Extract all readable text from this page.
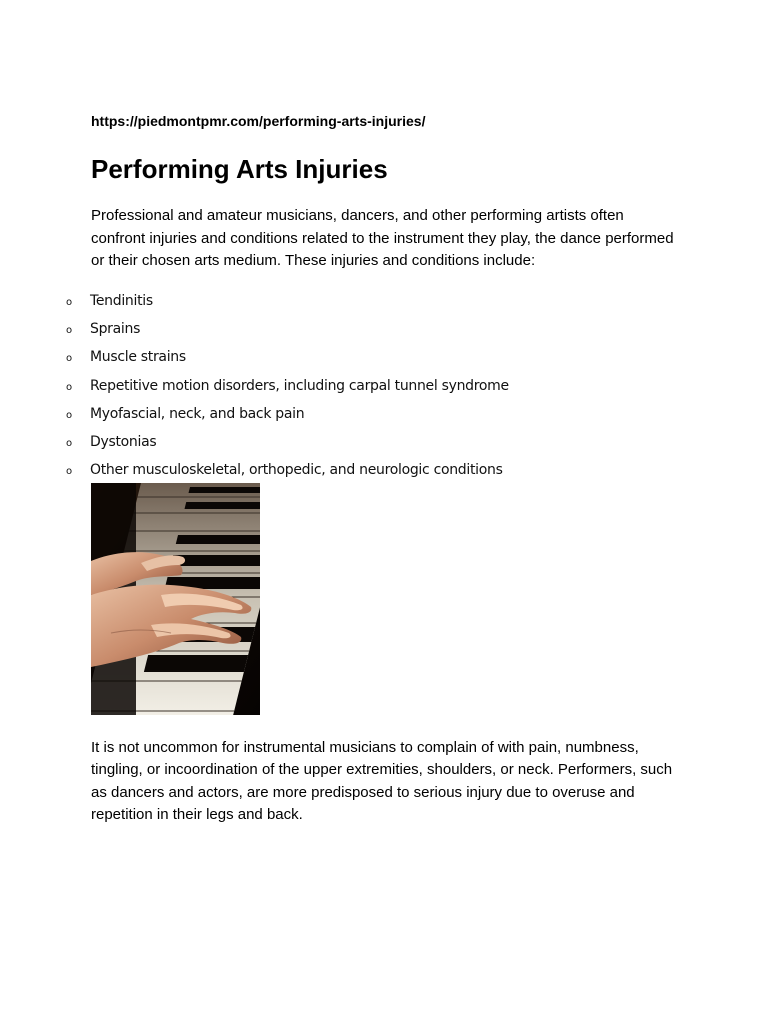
https://piedmontpmr.com/performing-arts-injuries/
Performing Arts Injuries

Professional and amateur musicians, dancers, and other performing artists often
confront injuries and conditions related to the instrument they play, the dance performed
or their chosen arts medium. These injuries and conditions include:

o Tendinitis
o Sprains
o Muscle strains
o Repetitive motion disorders, including carpal tunnel syndrome
o Myofascial, neck, and back pain
o Dystonias
o Other musculoskeletal, orthopedic, and neurologic conditions

It is not uncommon for instrumental musicians to complain of with pain, numbness,
tingling, or incoordination of the upper extremities, shoulders, or neck. Performers, such
as dancers and actors, are more predisposed to serious injury due to overuse and
repetition in their legs and back.
